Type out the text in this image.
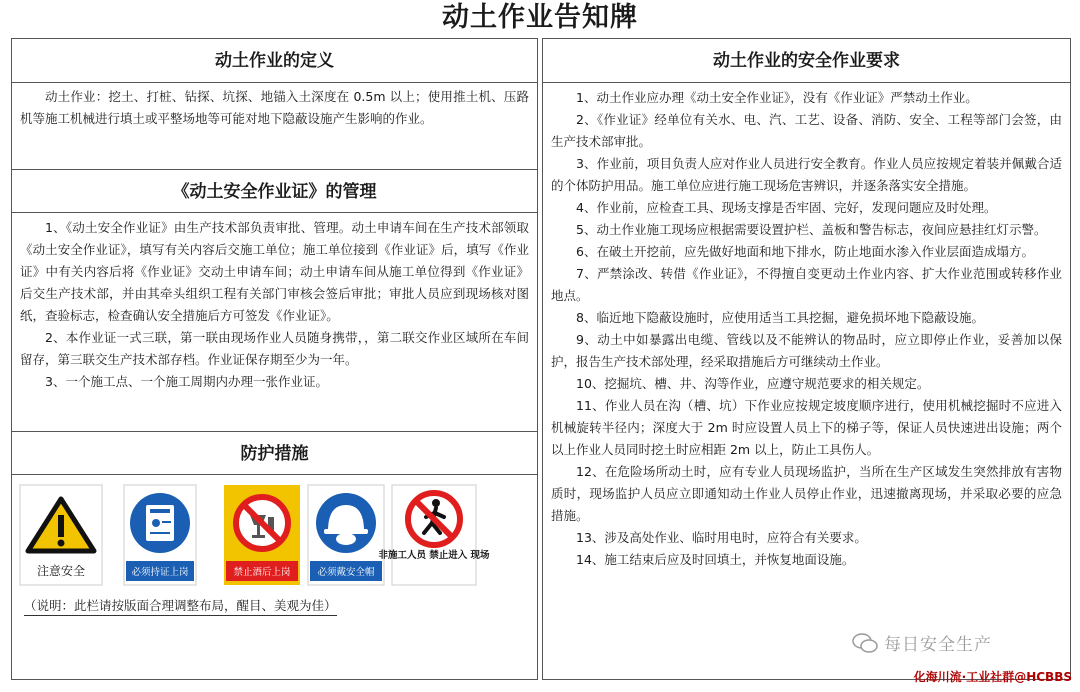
动土作业告知牌
动土作业的定义
动土作业：挖土、打桩、钻探、坑探、地锚入土深度在 0.5m 以上；使用推土机、压路机等施工机械进行填土或平整场地等可能对地下隐蔽设施产生影响的作业。
《动土安全作业证》的管理
1、《动土安全作业证》由生产技术部负责审批、管理。动土申请车间在生产技术部领取《动土安全作业证》，填写有关内容后交施工单位；施工单位接到《作业证》后，填写《作业证》中有关内容后将《作业证》交动土申请车间；动土申请车间从施工单位得到《作业证》后交生产技术部，并由其牵头组织工程有关部门审核会签后审批；审批人员应到现场核对图纸，查验标志，检查确认安全措施后方可签发《作业证》。
2、本作业证一式三联，第一联由现场作业人员随身携带，，第二联交作业区域所在车间留存，第三联交生产技术部存档。作业证保存期至少为一年。
3、一个施工点、一个施工周期内办理一张作业证。
防护措施
注意安全	必须持证上岗	禁止酒后上岗	必须戴安全帽
非施工人员 禁止进入 现场
（说明：此栏请按版面合理调整布局，醒目、美观为佳）
动土作业的安全作业要求
1、动土作业应办理《动土安全作业证》，没有《作业证》严禁动土作业。
2、《作业证》经单位有关水、电、汽、工艺、设备、消防、安全、工程等部门会签，由生产技术部审批。
3、作业前，项目负责人应对作业人员进行安全教育。作业人员应按规定着装并佩戴合适的个体防护用品。施工单位应进行施工现场危害辨识，并逐条落实安全措施。
4、作业前，应检查工具、现场支撑是否牢固、完好，发现问题应及时处理。
5、动土作业施工现场应根据需要设置护栏、盖板和警告标志，夜间应悬挂红灯示警。
6、在破土开挖前，应先做好地面和地下排水，防止地面水渗入作业层面造成塌方。
7、严禁涂改、转借《作业证》，不得擅自变更动土作业内容、扩大作业范围或转移作业地点。
8、临近地下隐蔽设施时，应使用适当工具挖掘，避免损坏地下隐蔽设施。
9、动土中如暴露出电缆、管线以及不能辨认的物品时，应立即停止作业，妥善加以保护，报告生产技术部处理，经采取措施后方可继续动土作业。
10、挖掘坑、槽、井、沟等作业，应遵守规范要求的相关规定。
11、作业人员在沟（槽、坑）下作业应按规定坡度顺序进行，使用机械挖掘时不应进入机械旋转半径内；深度大于 2m 时应设置人员上下的梯子等，保证人员快速进出设施；两个以上作业人员同时挖土时应相距 2m 以上，防止工具伤人。
12、在危险场所动土时，应有专业人员现场监护，当所在生产区域发生突然排放有害物质时，现场监护人员应立即通知动土作业人员停止作业，迅速撤离现场，并采取必要的应急措施。
13、涉及高处作业、临时用电时，应符合有关要求。
14、施工结束后应及时回填土，并恢复地面设施。
每日安全生产
化海川流·工业社群@HCBBS
